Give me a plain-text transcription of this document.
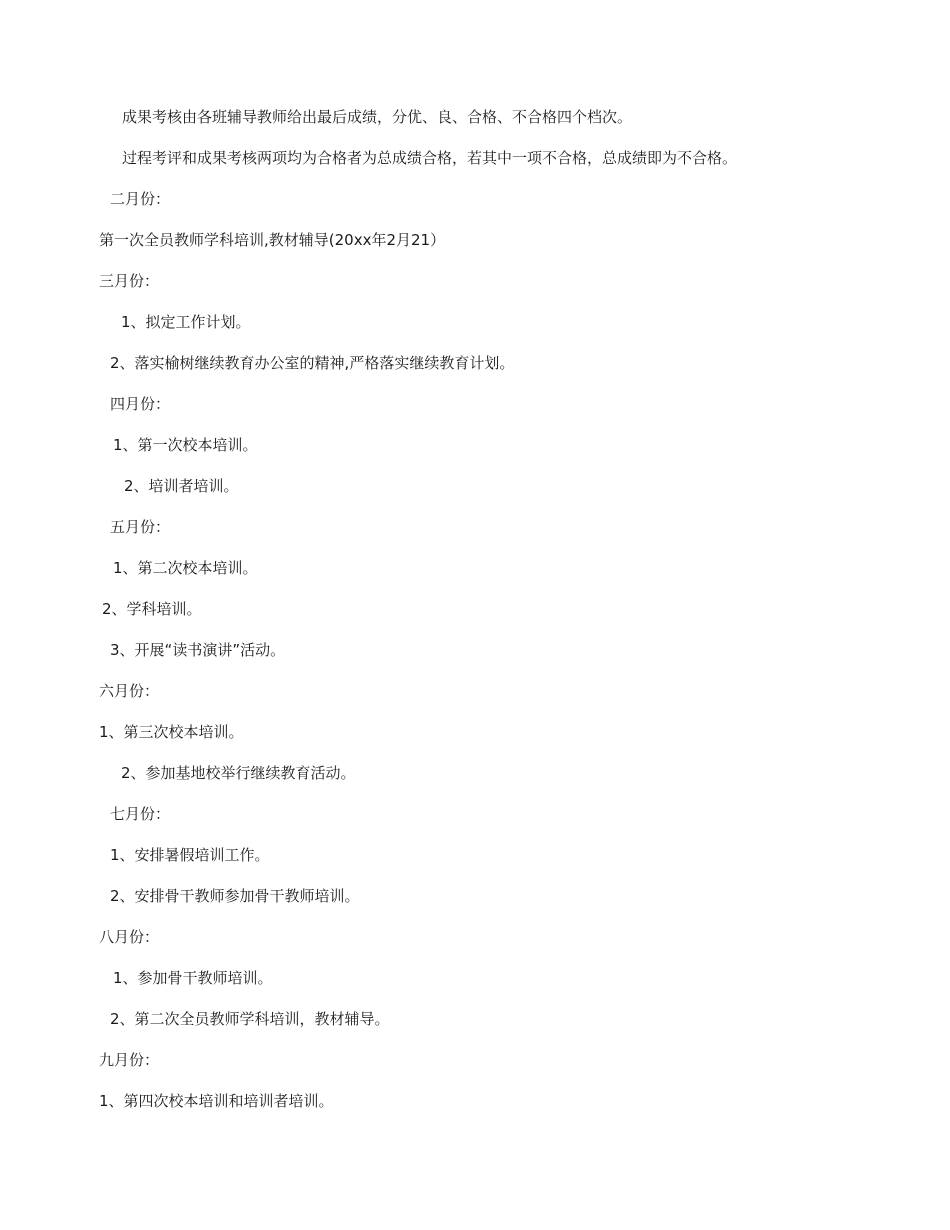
成果考核由各班辅导教师给出最后成绩，分优、良、合格、不合格四个档次。
过程考评和成果考核两项均为合格者为总成绩合格，若其中一项不合格，总成绩即为不合格。
二月份：
第一次全员教师学科培训,教材辅导(20xx年2月21）
三月份：
1、拟定工作计划。
2、落实榆树继续教育办公室的精神,严格落实继续教育计划。
四月份：
1、第一次校本培训。
2、培训者培训。
五月份：
1、第二次校本培训。
2、学科培训。
3、开展“读书演讲”活动。
六月份：
1、第三次校本培训。
2、参加基地校举行继续教育活动。
七月份：
1、安排暑假培训工作。
2、安排骨干教师参加骨干教师培训。
八月份：
1、参加骨干教师培训。
2、第二次全员教师学科培训，教材辅导。
九月份：
1、第四次校本培训和培训者培训。
